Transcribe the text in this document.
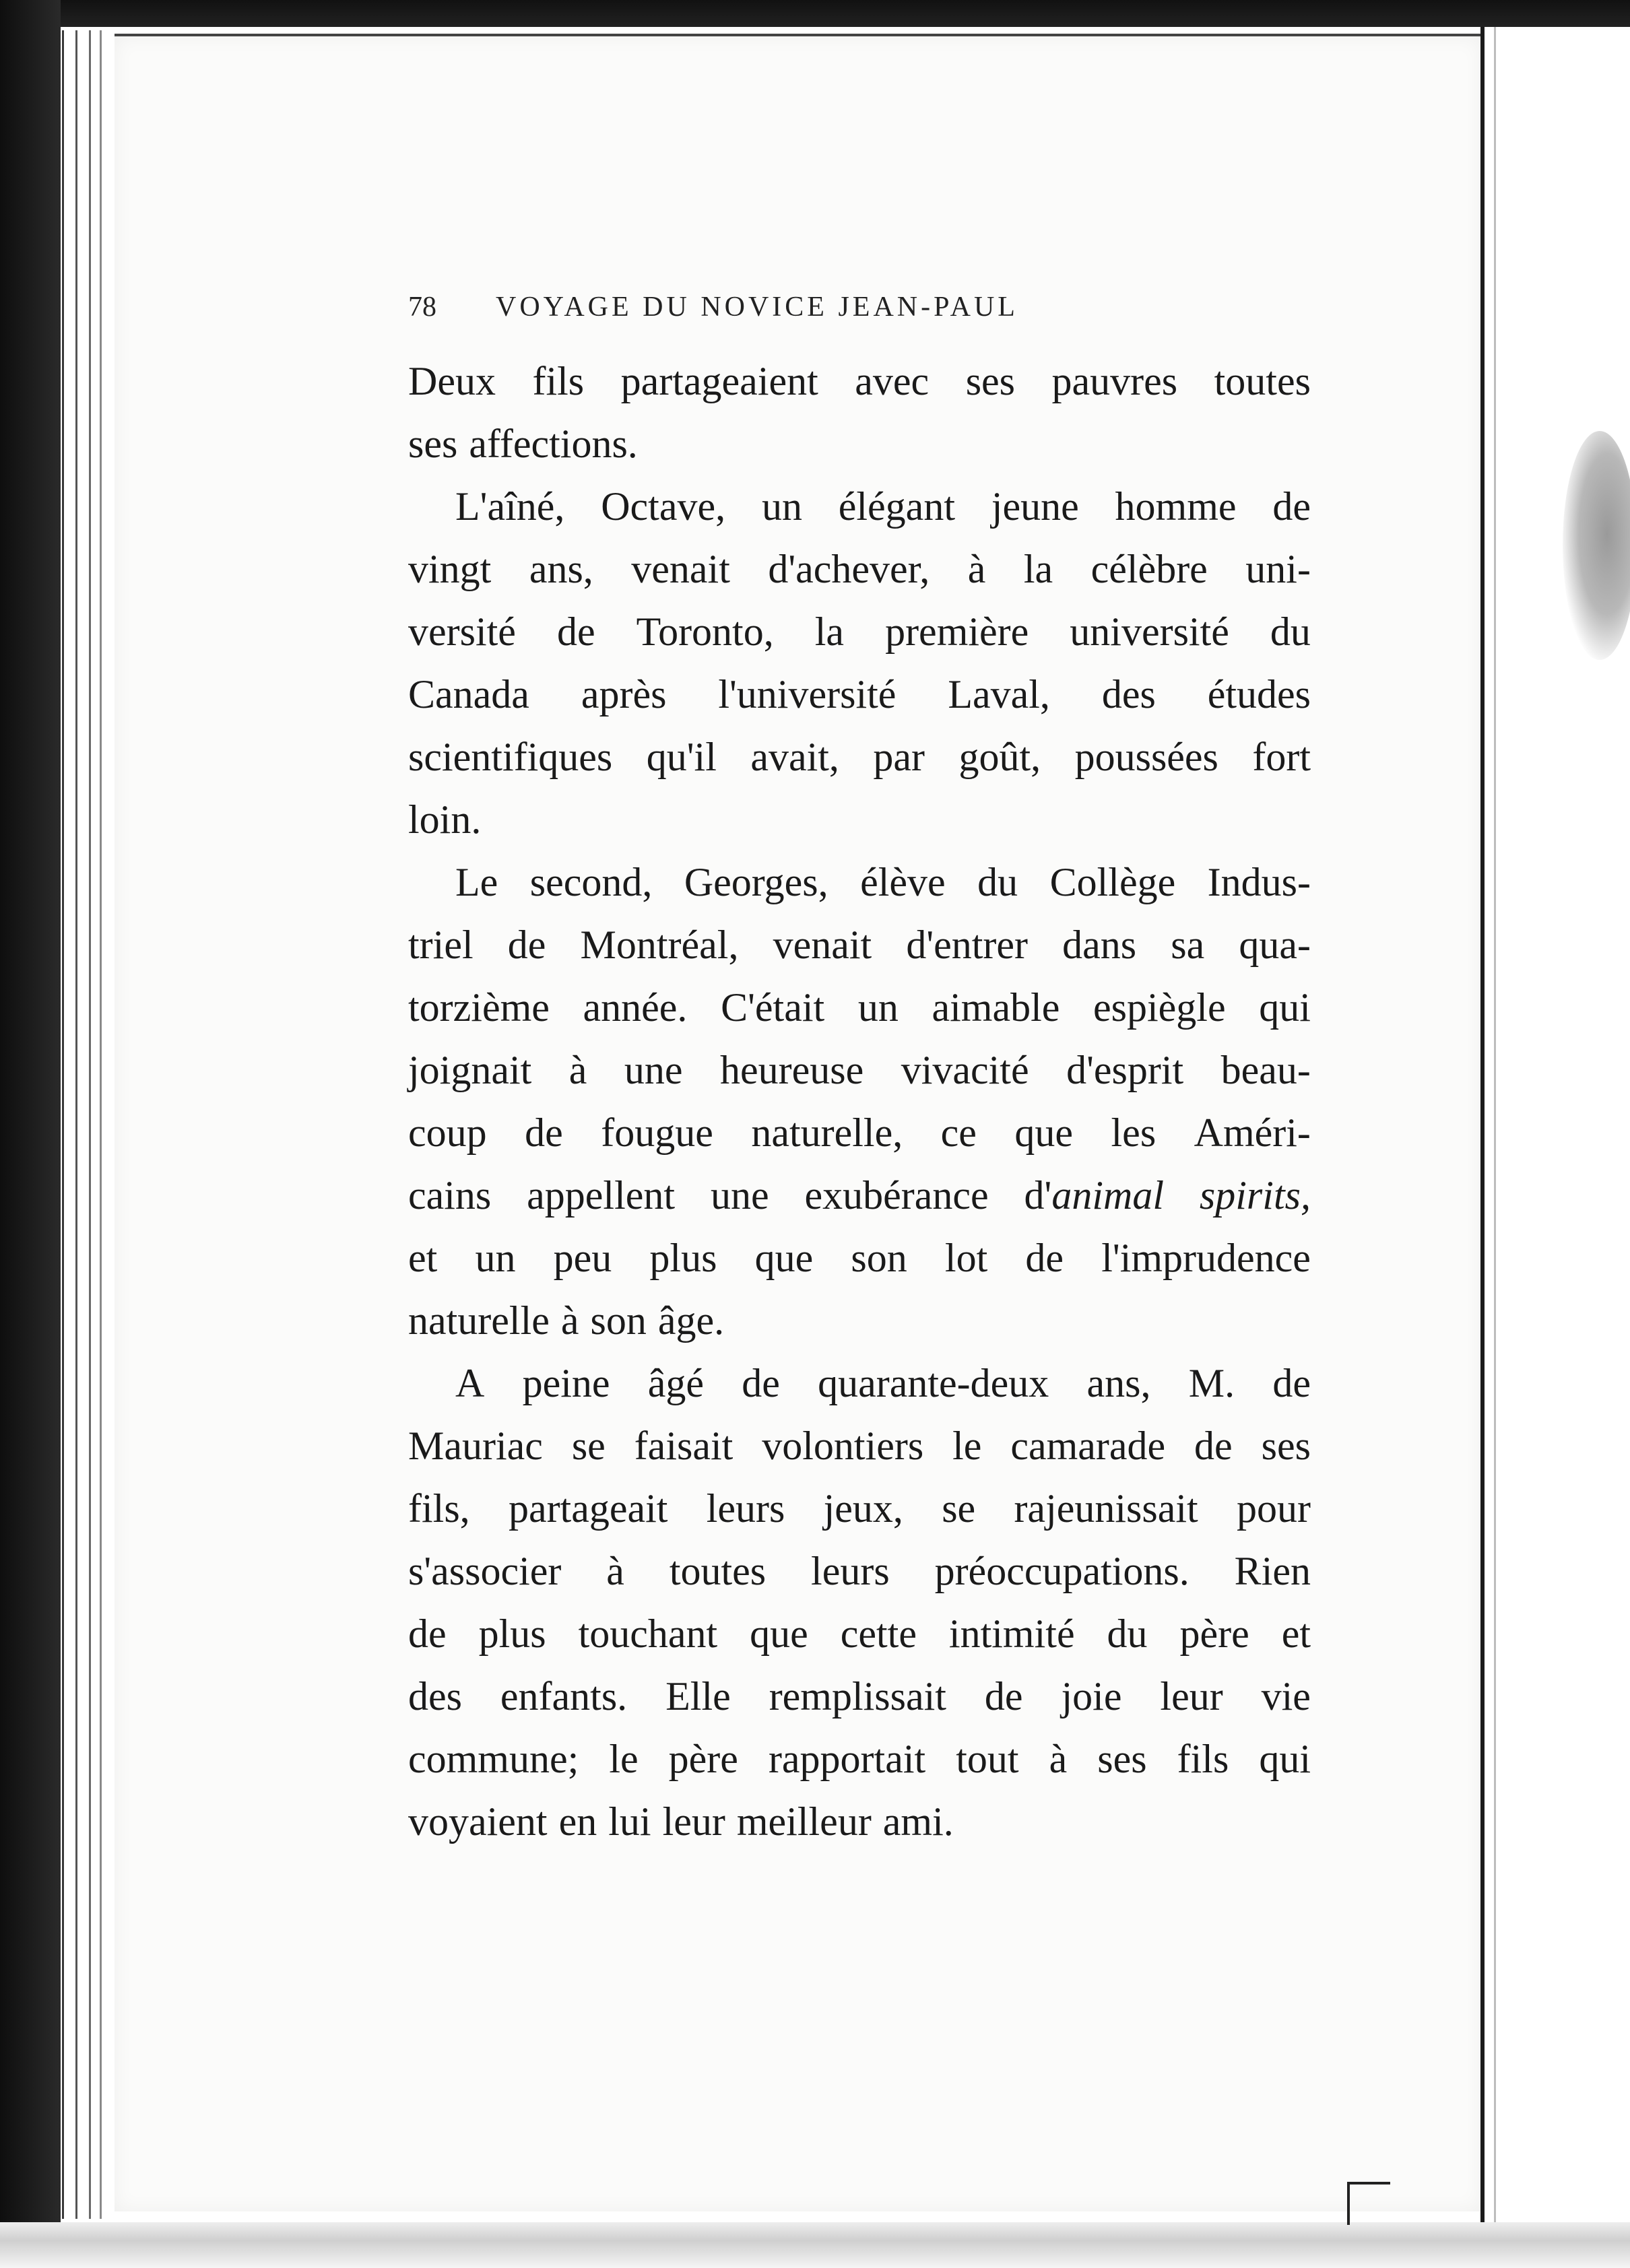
78	VOYAGE DU NOVICE JEAN-PAUL
Deux fils partageaient avec ses pauvres toutes
ses affections.
L'aîné, Octave, un élégant jeune homme de
vingt ans, venait d'achever, à la célèbre uni-
versité de Toronto, la première université du
Canada après l'université Laval, des études
scientifiques qu'il avait, par goût, poussées fort
loin.
Le second, Georges, élève du Collège Indus-
triel de Montréal, venait d'entrer dans sa qua-
torzième année. C'était un aimable espiègle qui
joignait à une heureuse vivacité d'esprit beau-
coup de fougue naturelle, ce que les Améri-
cains appellent une exubérance d'animal spirits,
et un peu plus que son lot de l'imprudence
naturelle à son âge.
A peine âgé de quarante-deux ans, M. de
Mauriac se faisait volontiers le camarade de ses
fils, partageait leurs jeux, se rajeunissait pour
s'associer à toutes leurs préoccupations. Rien
de plus touchant que cette intimité du père et
des enfants. Elle remplissait de joie leur vie
commune; le père rapportait tout à ses fils qui
voyaient en lui leur meilleur ami.
